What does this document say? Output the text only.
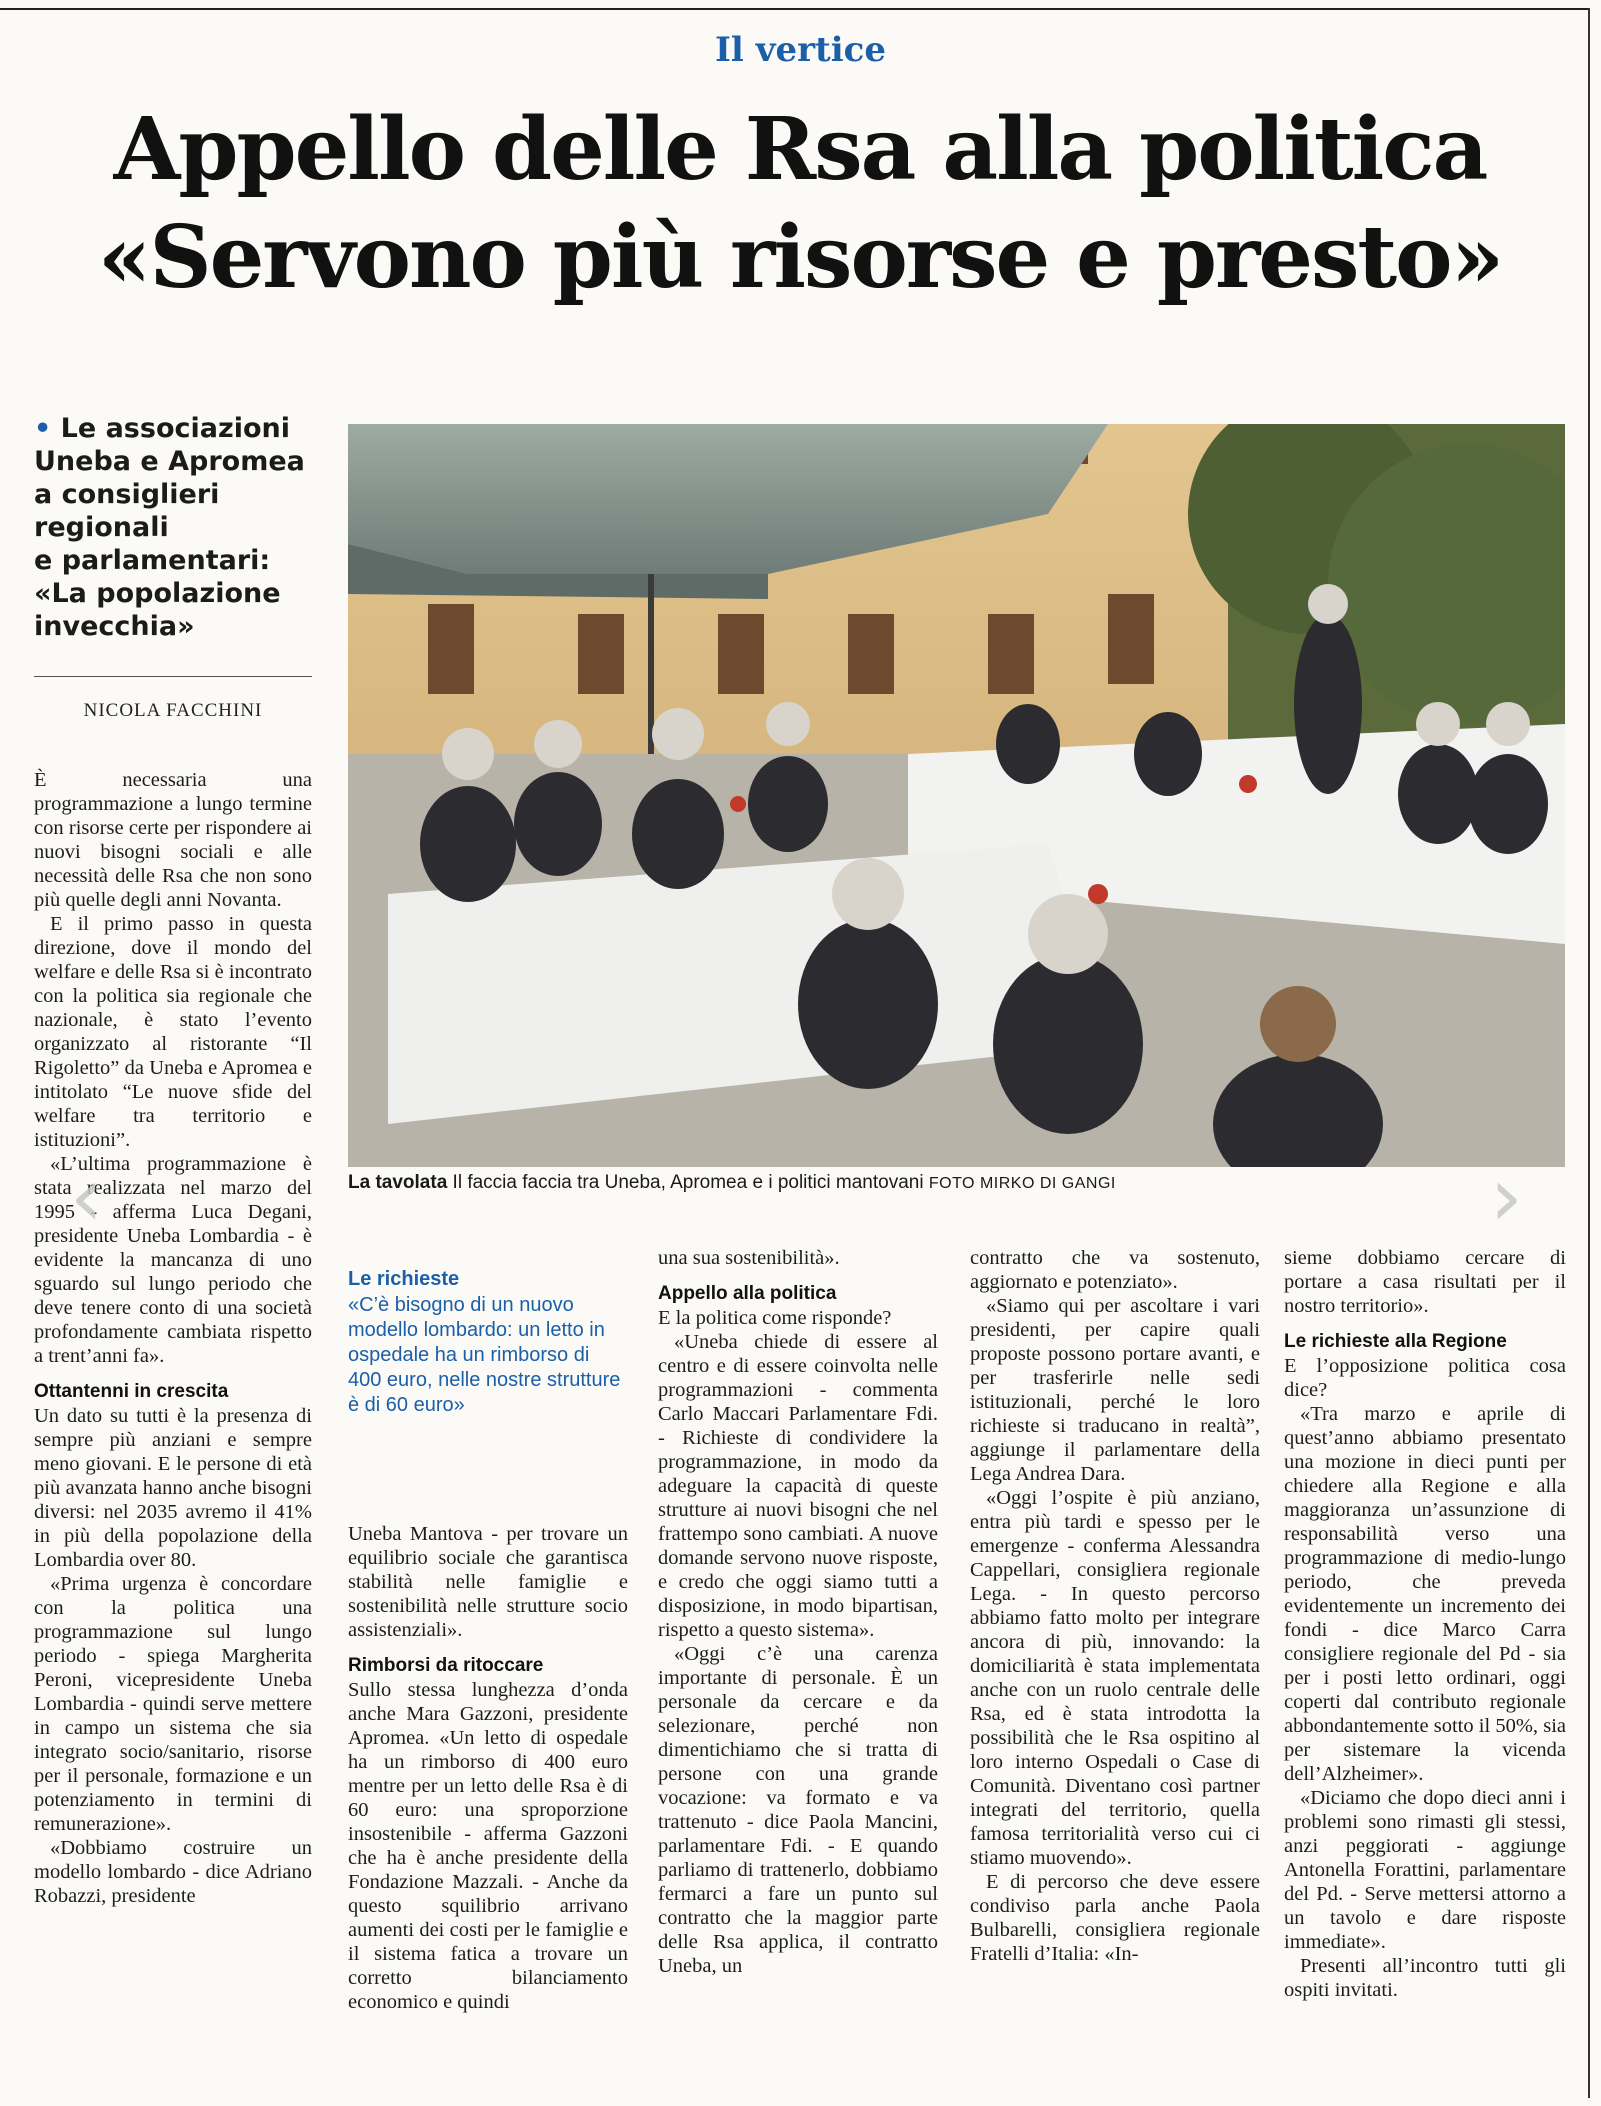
Il vertice
Appello delle Rsa alla politica
«Servono più risorse e presto»
• Le associazioni
Uneba e Apromea
a consiglieri
regionali
e parlamentari:
«La popolazione
invecchia»
NICOLA FACCHINI

È necessaria una programmazione a lungo termine con risorse certe per rispondere ai nuovi bisogni sociali e alle necessità delle Rsa che non sono più quelle degli anni Novanta.

E il primo passo in questa direzione, dove il mondo del welfare e delle Rsa si è incontrato con la politica sia regionale che nazionale, è stato l’evento organizzato al ristorante “Il Rigoletto” da Uneba e Apromea e intitolato “Le nuove sfide del welfare tra territorio e istituzioni”.

«L’ultima programmazione è stata realizzata nel marzo del 1995 - afferma Luca Degani, presidente Uneba Lombardia - è evidente la mancanza di uno sguardo sul lungo periodo che deve tenere conto di una società profondamente cambiata rispetto a trent’anni fa».

Ottantenni in crescita

Un dato su tutti è la presenza di sempre più anziani e sempre meno giovani. E le persone di età più avanzata hanno anche bisogni diversi: nel 2035 avremo il 41% in più della popolazione della Lombardia over 80.

«Prima urgenza è concordare con la politica una programmazione sul lungo periodo - spiega Margherita Peroni, vicepresidente Uneba Lombardia - quindi serve mettere in campo un sistema che sia integrato socio/sanitario, risorse per il personale, formazione e un potenziamento in termini di remunerazione».

«Dobbiamo costruire un modello lombardo - dice Adriano Robazzi, presidente

La tavolata Il faccia faccia tra Uneba, Apromea e i politici mantovani FOTO MIRKO DI GANGI
Le richieste
«C’è bisogno di un nuovo modello lombardo: un letto in ospedale ha un rimborso di 400 euro, nelle nostre strutture è di 60 euro»

Uneba Mantova - per trovare un equilibrio sociale che garantisca stabilità nelle famiglie e sostenibilità nelle strutture socio assistenziali».

Rimborsi da ritoccare

Sullo stessa lunghezza d’onda anche Mara Gazzoni, presidente Apromea. «Un letto di ospedale ha un rimborso di 400 euro mentre per un letto delle Rsa è di 60 euro: una sproporzione insostenibile - afferma Gazzoni che ha è anche presidente della Fondazione Mazzali. - Anche da questo squilibrio arrivano aumenti dei costi per le famiglie e il sistema fatica a trovare un corretto bilanciamento economico e quindi

una sua sostenibilità».

Appello alla politica

E la politica come risponde?

«Uneba chiede di essere al centro e di essere coinvolta nelle programmazioni - commenta Carlo Maccari Parlamentare Fdi. - Richieste di condividere la programmazione, in modo da adeguare la capacità di queste strutture ai nuovi bisogni che nel frattempo sono cambiati. A nuove domande servono nuove risposte, e credo che oggi siamo tutti a disposizione, in modo bipartisan, rispetto a questo sistema».

«Oggi c’è una carenza importante di personale. È un personale da cercare e da selezionare, perché non dimentichiamo che si tratta di persone con una grande vocazione: va formato e va trattenuto - dice Paola Mancini, parlamentare Fdi. - E quando parliamo di trattenerlo, dobbiamo fermarci a fare un punto sul contratto che la maggior parte delle Rsa applica, il contratto Uneba, un

contratto che va sostenuto, aggiornato e potenziato».

«Siamo qui per ascoltare i vari presidenti, per capire quali proposte possono portare avanti, e per trasferirle nelle sedi istituzionali, perché le loro richieste si traducano in realtà”, aggiunge il parlamentare della Lega Andrea Dara.

«Oggi l’ospite è più anziano, entra più tardi e spesso per le emergenze - conferma Alessandra Cappellari, consigliera regionale Lega. - In questo percorso abbiamo fatto molto per integrare ancora di più, innovando: la domiciliarità è stata implementata anche con un ruolo centrale delle Rsa, ed è stata introdotta la possibilità che le Rsa ospitino al loro interno Ospedali o Case di Comunità. Diventano così partner integrati del territorio, quella famosa territorialità verso cui ci stiamo muovendo».

E di percorso che deve essere condiviso parla anche Paola Bulbarelli, consigliera regionale Fratelli d’Italia: «In-

sieme dobbiamo cercare di portare a casa risultati per il nostro territorio».

Le richieste alla Regione

E l’opposizione politica cosa dice?

«Tra marzo e aprile di quest’anno abbiamo presentato una mozione in dieci punti per chiedere alla Regione e alla maggioranza un’assunzione di responsabilità verso una programmazione di medio-lungo periodo, che preveda evidentemente un incremento dei fondi - dice Marco Carra consigliere regionale del Pd - sia per i posti letto ordinari, oggi coperti dal contributo regionale abbondantemente sotto il 50%, sia per sistemare la vicenda dell’Alzheimer».

«Diciamo che dopo dieci anni i problemi sono rimasti gli stessi, anzi peggiorati - aggiunge Antonella Forattini, parlamentare del Pd. - Serve mettersi attorno a un tavolo e dare risposte immediate».

Presenti all’incontro tutti gli ospiti invitati.

‹	›
